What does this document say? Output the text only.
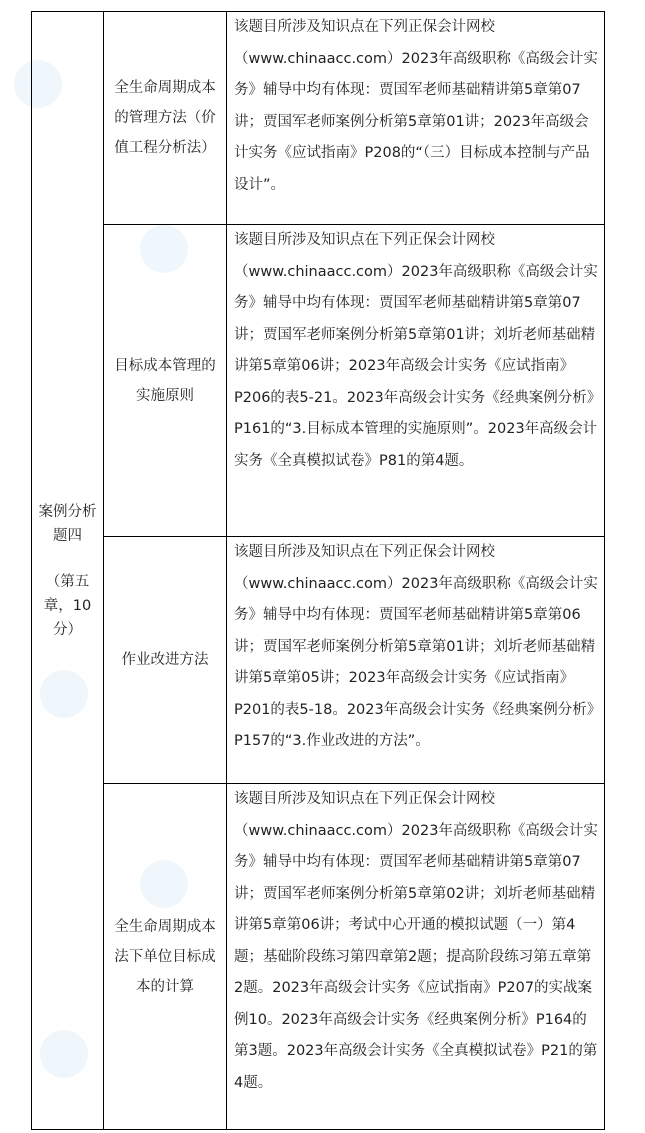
案例分析题四
（第五章，10分）	全生命周期成本的管理方法（价值工程分析法）	该题目所涉及知识点在下列正保会计网校（www.chinaacc.com）2023年高级职称《高级会计实务》辅导中均有体现：贾国军老师基础精讲第5章第07讲；贾国军老师案例分析第5章第01讲；2023年高级会计实务《应试指南》P208的“（三）目标成本控制与产品设计”。
	目标成本管理的实施原则	该题目所涉及知识点在下列正保会计网校（www.chinaacc.com）2023年高级职称《高级会计实务》辅导中均有体现：贾国军老师基础精讲第5章第07讲；贾国军老师案例分析第5章第01讲；刘圻老师基础精讲第5章第06讲；2023年高级会计实务《应试指南》P206的表5-21。2023年高级会计实务《经典案例分析》P161的“3.目标成本管理的实施原则”。2023年高级会计实务《全真模拟试卷》P81的第4题。
	作业改进方法	该题目所涉及知识点在下列正保会计网校（www.chinaacc.com）2023年高级职称《高级会计实务》辅导中均有体现：贾国军老师基础精讲第5章第06讲；贾国军老师案例分析第5章第01讲；刘圻老师基础精讲第5章第05讲；2023年高级会计实务《应试指南》P201的表5-18。2023年高级会计实务《经典案例分析》P157的“3.作业改进的方法”。
	全生命周期成本法下单位目标成本的计算	该题目所涉及知识点在下列正保会计网校（www.chinaacc.com）2023年高级职称《高级会计实务》辅导中均有体现：贾国军老师基础精讲第5章第07讲；贾国军老师案例分析第5章第02讲；刘圻老师基础精讲第5章第06讲；考试中心开通的模拟试题（一）第4题；基础阶段练习第四章第2题；提高阶段练习第五章第2题。2023年高级会计实务《应试指南》P207的实战案例10。2023年高级会计实务《经典案例分析》P164的第3题。2023年高级会计实务《全真模拟试卷》P21的第4题。
